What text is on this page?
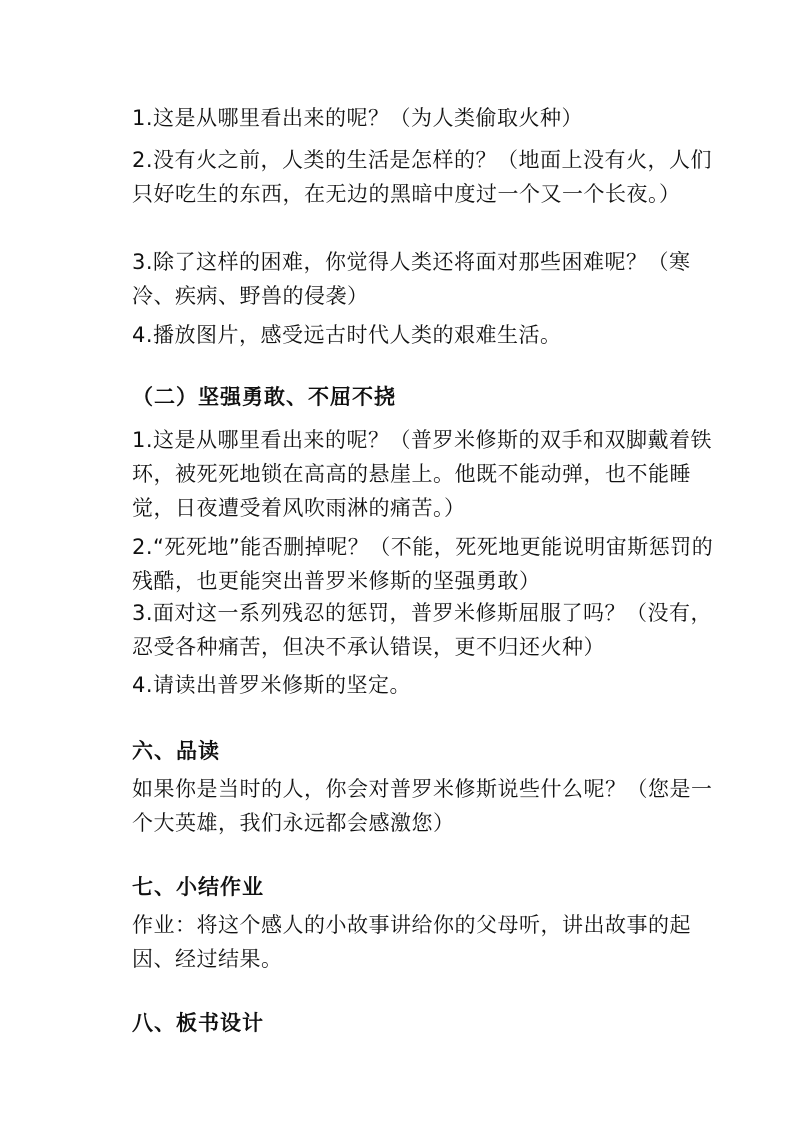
1.这是从哪里看出来的呢？（为人类偷取火种）
2.没有火之前，人类的生活是怎样的？（地面上没有火，人们只好吃生的东西，在无边的黑暗中度过一个又一个长夜。）
3.除了这样的困难，你觉得人类还将面对那些困难呢？（寒冷、疾病、野兽的侵袭）
4.播放图片，感受远古时代人类的艰难生活。
（二）坚强勇敢、不屈不挠
1.这是从哪里看出来的呢？（普罗米修斯的双手和双脚戴着铁环，被死死地锁在高高的悬崖上。他既不能动弹，也不能睡觉，日夜遭受着风吹雨淋的痛苦。）
2.“死死地”能否删掉呢？（不能，死死地更能说明宙斯惩罚的残酷，也更能突出普罗米修斯的坚强勇敢）
3.面对这一系列残忍的惩罚，普罗米修斯屈服了吗？（没有，忍受各种痛苦，但决不承认错误，更不归还火种）
4.请读出普罗米修斯的坚定。
六、品读
如果你是当时的人，你会对普罗米修斯说些什么呢？（您是一个大英雄，我们永远都会感激您）
七、小结作业
作业：将这个感人的小故事讲给你的父母听，讲出故事的起因、经过结果。
八、板书设计
